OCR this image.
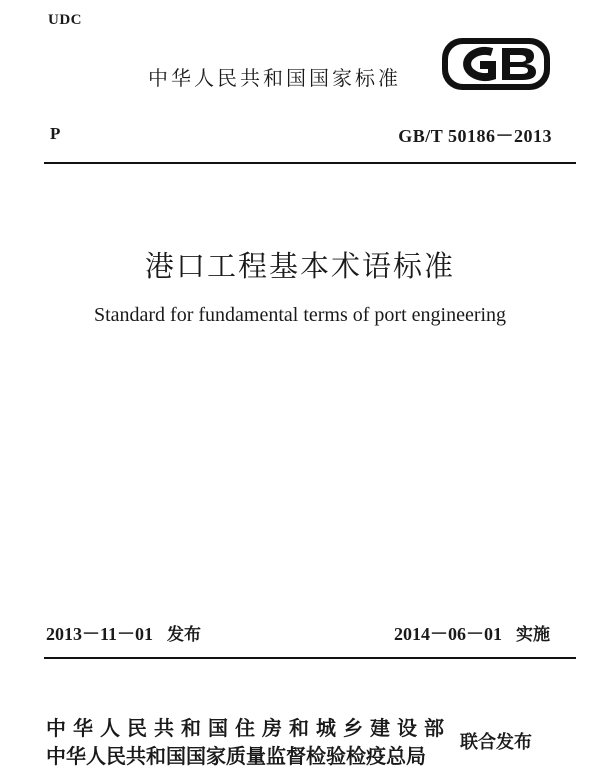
UDC
中华人民共和国国家标准
P	GB/T 50186－2013
港口工程基本术语标准
Standard for fundamental terms of port engineering
2013－11－01 发布	2014－06－01 实施
中华人民共和国住房和城乡建设部
中华人民共和国国家质量监督检验检疫总局
联合发布
